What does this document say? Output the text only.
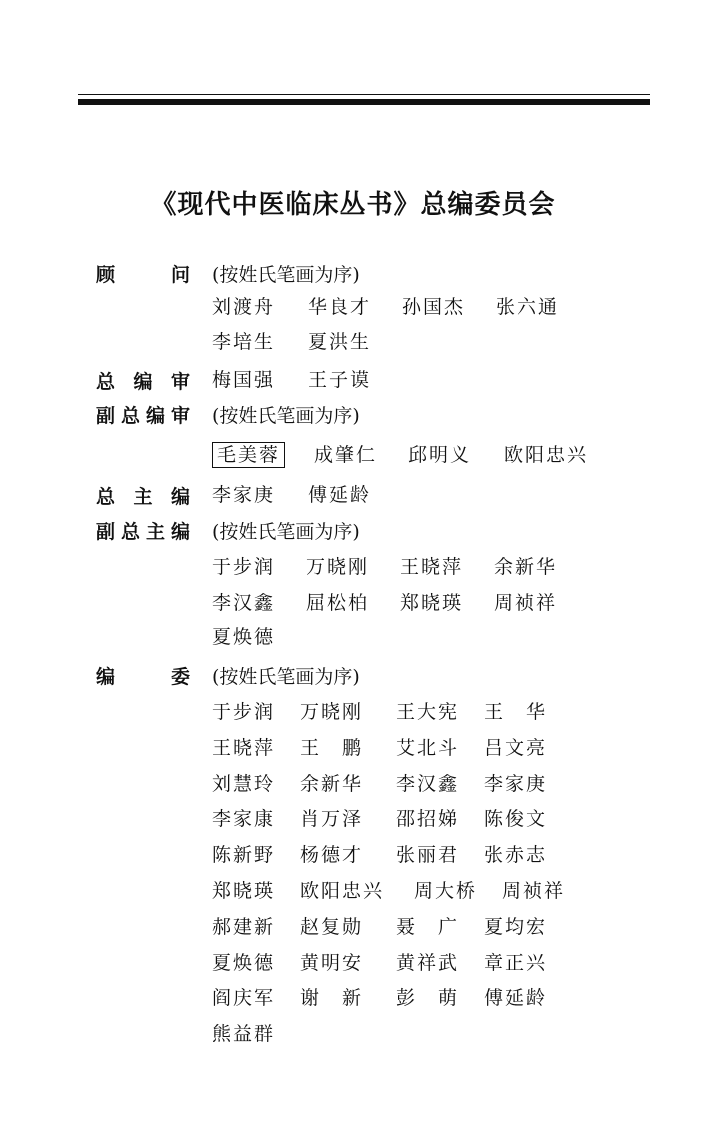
《现代中医临床丛书》总编委员会
顾	问 (按姓氏笔画为序)
刘渡舟 华良才 孙国杰 张六通
李培生 夏洪生
总 编 审 梅国强 王子谟
副 总 编 审 (按姓氏笔画为序)
毛美蓉 成肇仁 邱明义 欧阳忠兴
总 主 编 李家庚 傅延龄
副 总 主 编 (按姓氏笔画为序)
于步润 万晓刚 王晓萍 余新华
李汉鑫 屈松柏 郑晓瑛 周祯祥
夏焕德
编	委 (按姓氏笔画为序)
于步润 万晓刚 王大宪 王　华
王晓萍 王　鹏 艾北斗 吕文亮
刘慧玲 余新华 李汉鑫 李家庚
李家康 肖万泽 邵招娣 陈俊文
陈新野 杨德才 张丽君 张赤志
郑晓瑛 欧阳忠兴 周大桥 周祯祥
郝建新 赵复勋 聂　广 夏均宏
夏焕德 黄明安 黄祥武 章正兴
阎庆军 谢　新 彭　萌 傅延龄
熊益群
